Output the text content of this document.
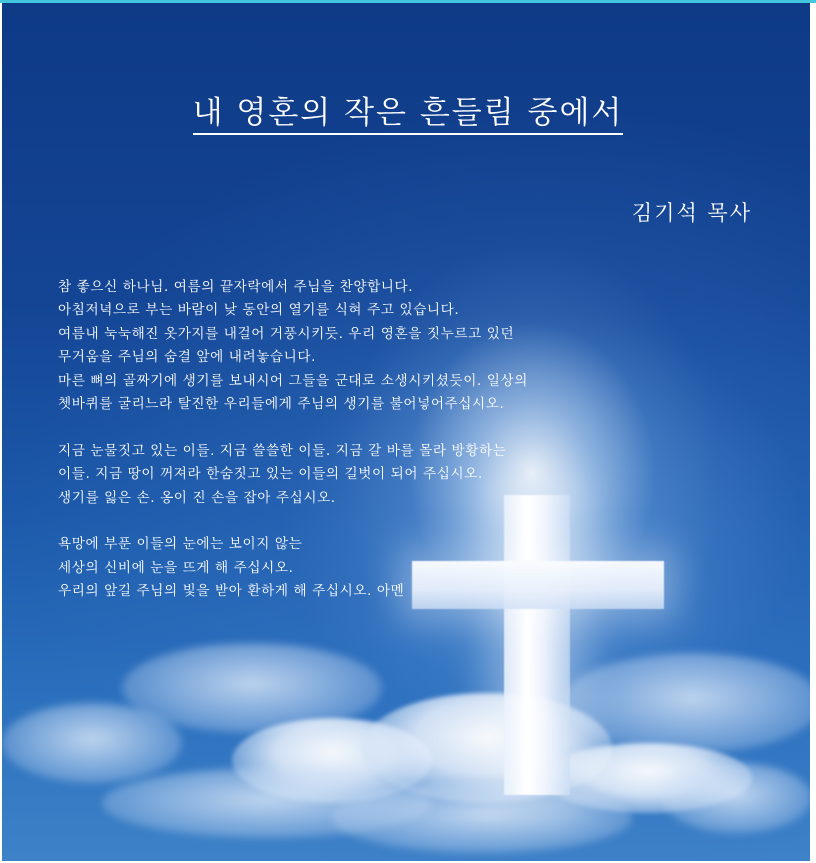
내 영혼의 작은 흔들림 중에서
김기석 목사
참 좋으신 하나님. 여름의 끝자락에서 주님을 찬양합니다.
아침저녁으로 부는 바람이 낮 동안의 열기를 식혀 주고 있습니다.
여름내 눅눅해진 옷가지를 내걸어 거풍시키듯. 우리 영혼을 짓누르고 있던
무거움을 주님의 숨결 앞에 내려놓습니다.
마른 뼈의 골짜기에 생기를 보내시어 그들을 군대로 소생시키셨듯이. 일상의
쳇바퀴를 굴리느라 탈진한 우리들에게 주님의 생기를 불어넣어주십시오.
지금 눈물짓고 있는 이들. 지금 쓸쓸한 이들. 지금 갈 바를 몰라 방황하는
이들. 지금 땅이 꺼져라 한숨짓고 있는 이들의 길벗이 되어 주십시오.
생기를 잃은 손. 옹이 진 손을 잡아 주십시오.
욕망에 부푼 이들의 눈에는 보이지 않는
세상의 신비에 눈을 뜨게 해 주십시오.
우리의 앞길 주님의 빛을 받아 환하게 해 주십시오. 아멘
